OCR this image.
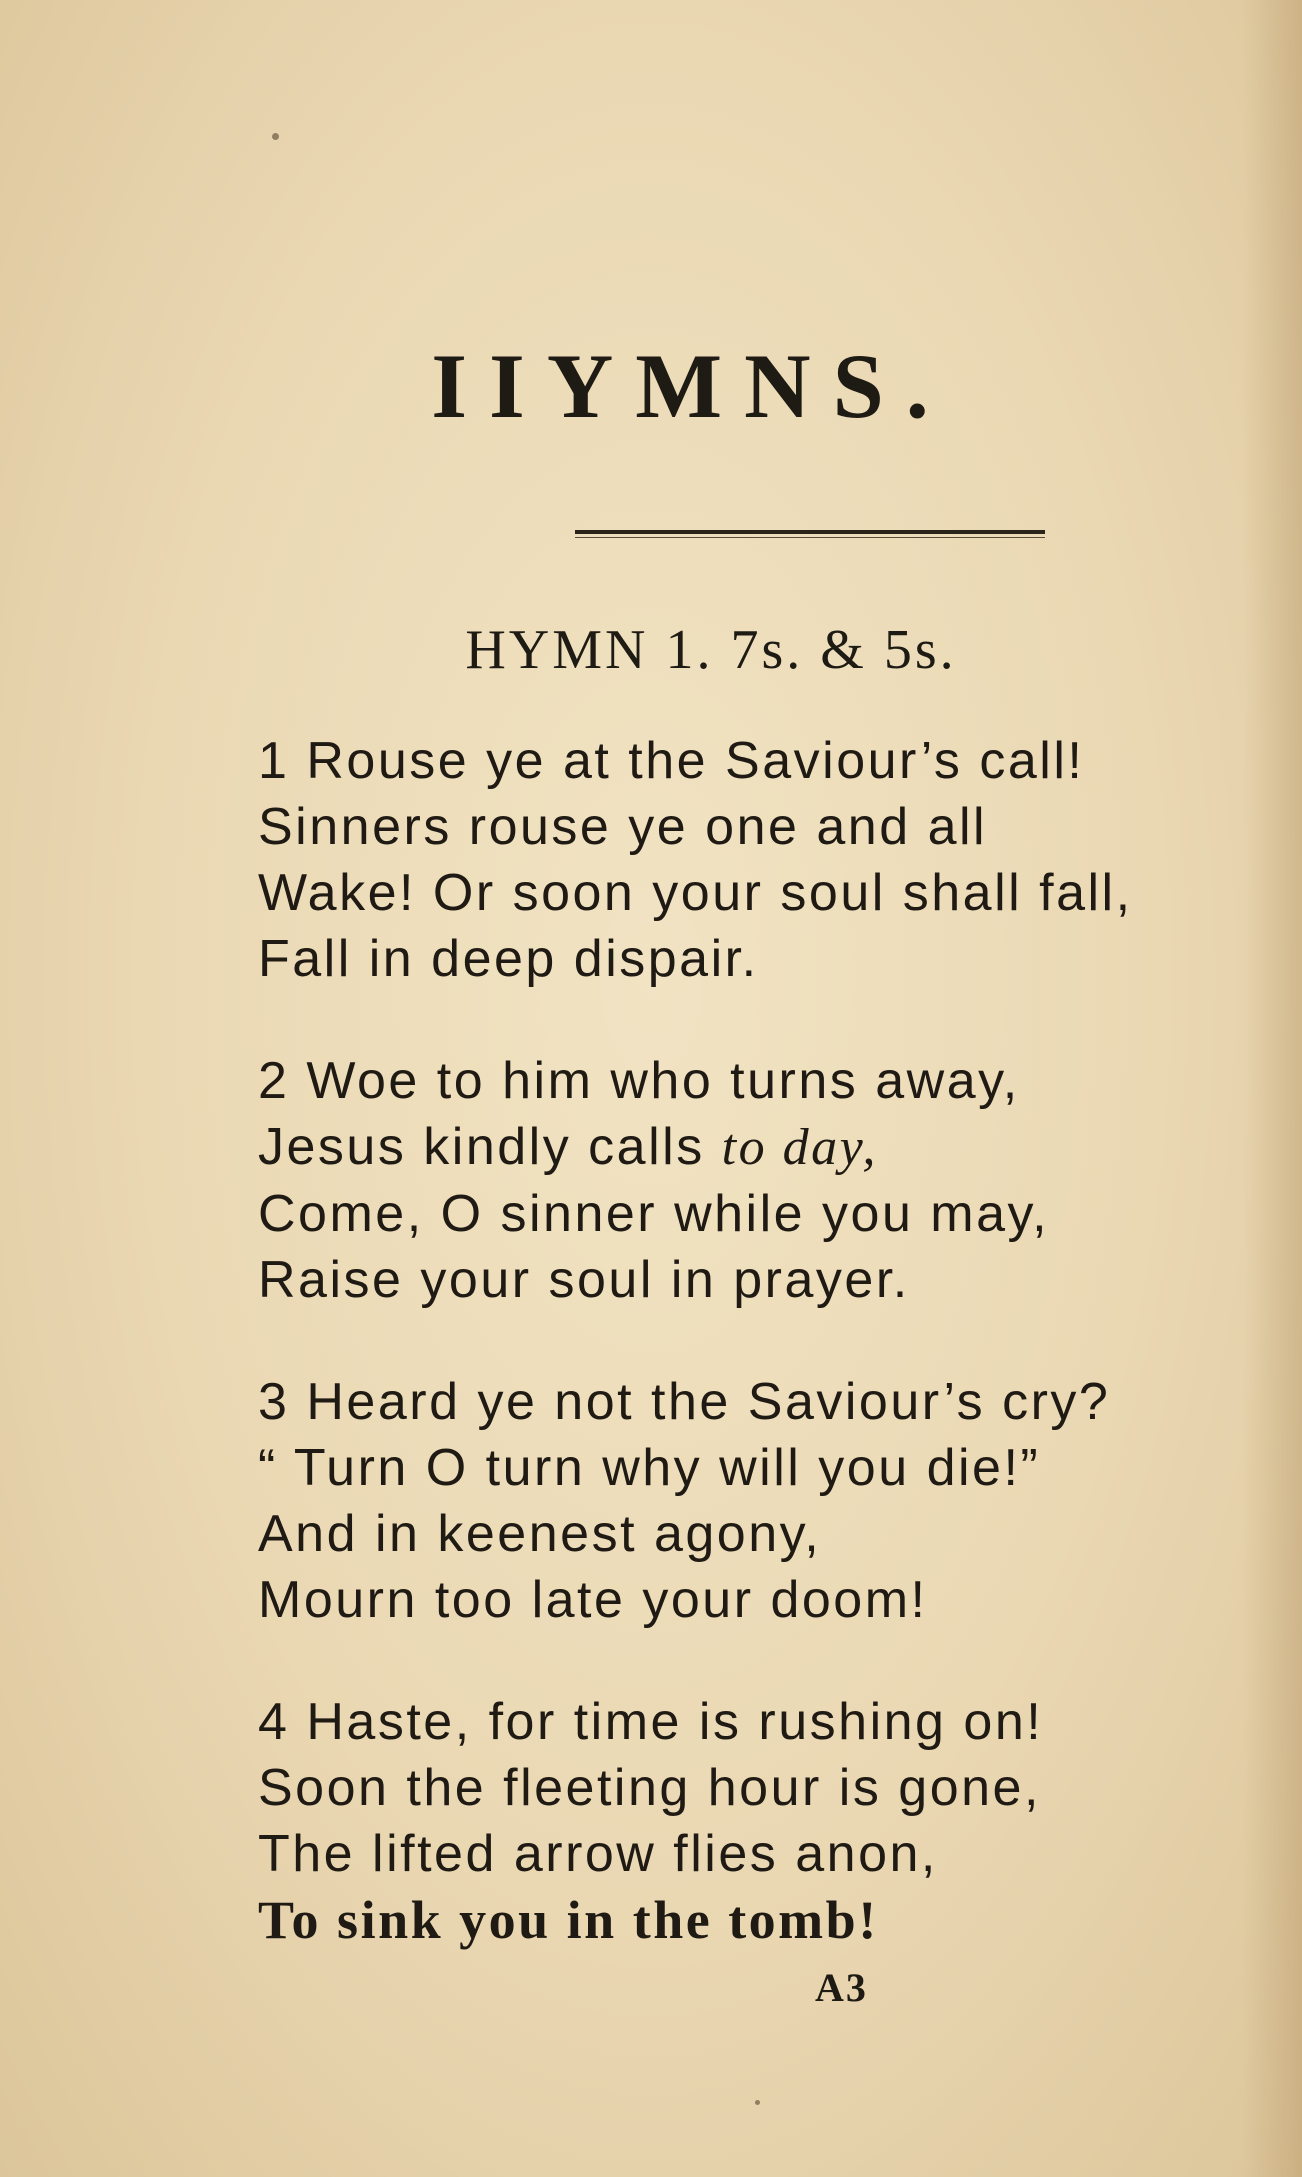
IIYMNS.
HYMN 1. 7s. & 5s.
1 Rouse ye at the Saviour’s call!
Sinners rouse ye one and all
Wake! Or soon your soul shall fall,
Fall in deep dispair.
2 Woe to him who turns away,
Jesus kindly calls to day,
Come, O sinner while you may,
Raise your soul in prayer.
3 Heard ye not the Saviour’s cry?
“ Turn O turn why will you die!”
And in keenest agony,
Mourn too late your doom!
4 Haste, for time is rushing on!
Soon the fleeting hour is gone,
The lifted arrow flies anon,
To sink you in the tomb!
A3
